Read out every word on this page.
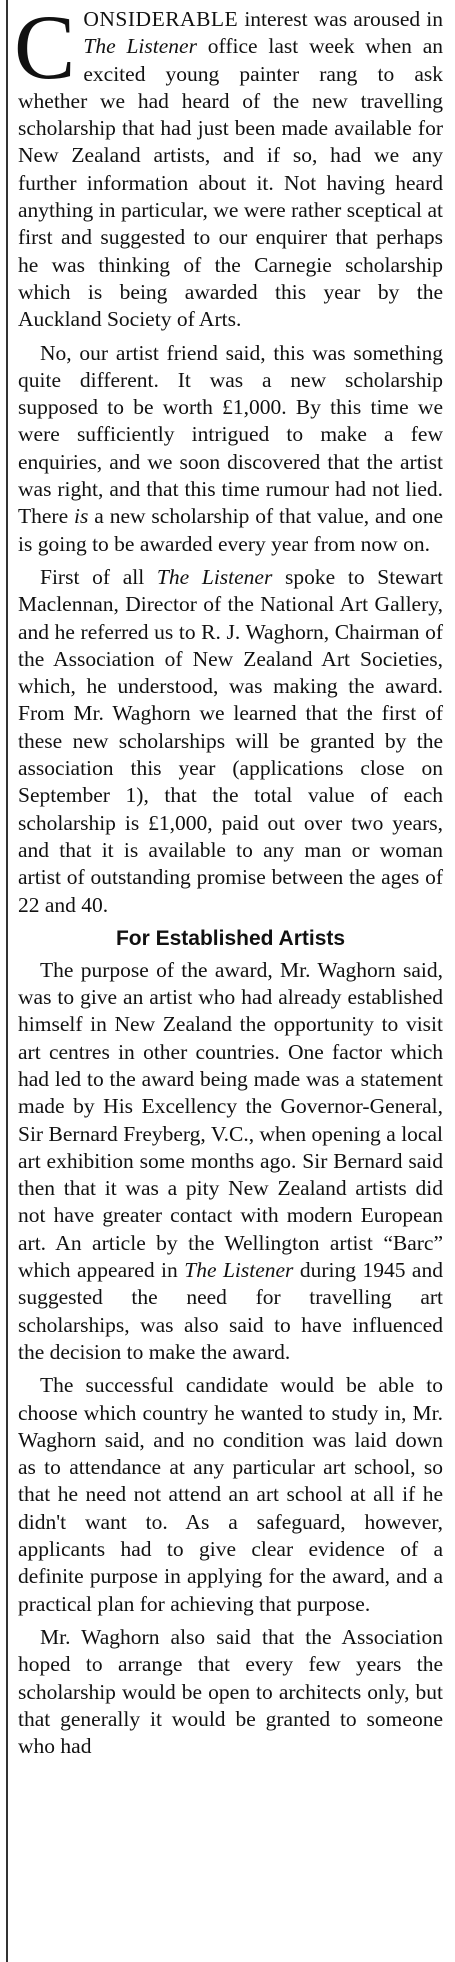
CONSIDERABLE interest was aroused in The Listener office last week when an excited young painter rang to ask whether we had heard of the new travelling scholarship that had just been made available for New Zealand artists, and if so, had we any further information about it. Not having heard anything in particular, we were rather sceptical at first and suggested to our enquirer that perhaps he was thinking of the Carnegie scholarship which is being awarded this year by the Auckland Society of Arts.

No, our artist friend said, this was something quite different. It was a new scholarship supposed to be worth £1,000. By this time we were sufficiently intrigued to make a few enquiries, and we soon discovered that the artist was right, and that this time rumour had not lied. There is a new scholarship of that value, and one is going to be awarded every year from now on.

First of all The Listener spoke to Stewart Maclennan, Director of the National Art Gallery, and he referred us to R. J. Waghorn, Chairman of the Association of New Zealand Art Societies, which, he understood, was making the award. From Mr. Waghorn we learned that the first of these new scholarships will be granted by the association this year (applications close on September 1), that the total value of each scholarship is £1,000, paid out over two years, and that it is available to any man or woman artist of outstanding promise between the ages of 22 and 40.

For Established Artists

The purpose of the award, Mr. Waghorn said, was to give an artist who had already established himself in New Zealand the opportunity to visit art centres in other countries. One factor which had led to the award being made was a statement made by His Excellency the Governor-General, Sir Bernard Freyberg, V.C., when opening a local art exhibition some months ago. Sir Bernard said then that it was a pity New Zealand artists did not have greater contact with modern European art. An article by the Wellington artist “Barc” which appeared in The Listener during 1945 and suggested the need for travelling art scholarships, was also said to have influenced the decision to make the award.

The successful candidate would be able to choose which country he wanted to study in, Mr. Waghorn said, and no condition was laid down as to attendance at any particular art school, so that he need not attend an art school at all if he didn't want to. As a safeguard, however, applicants had to give clear evidence of a definite purpose in applying for the award, and a practical plan for achieving that purpose.

Mr. Waghorn also said that the Association hoped to arrange that every few years the scholarship would be open to architects only, but that generally it would be granted to someone who had
